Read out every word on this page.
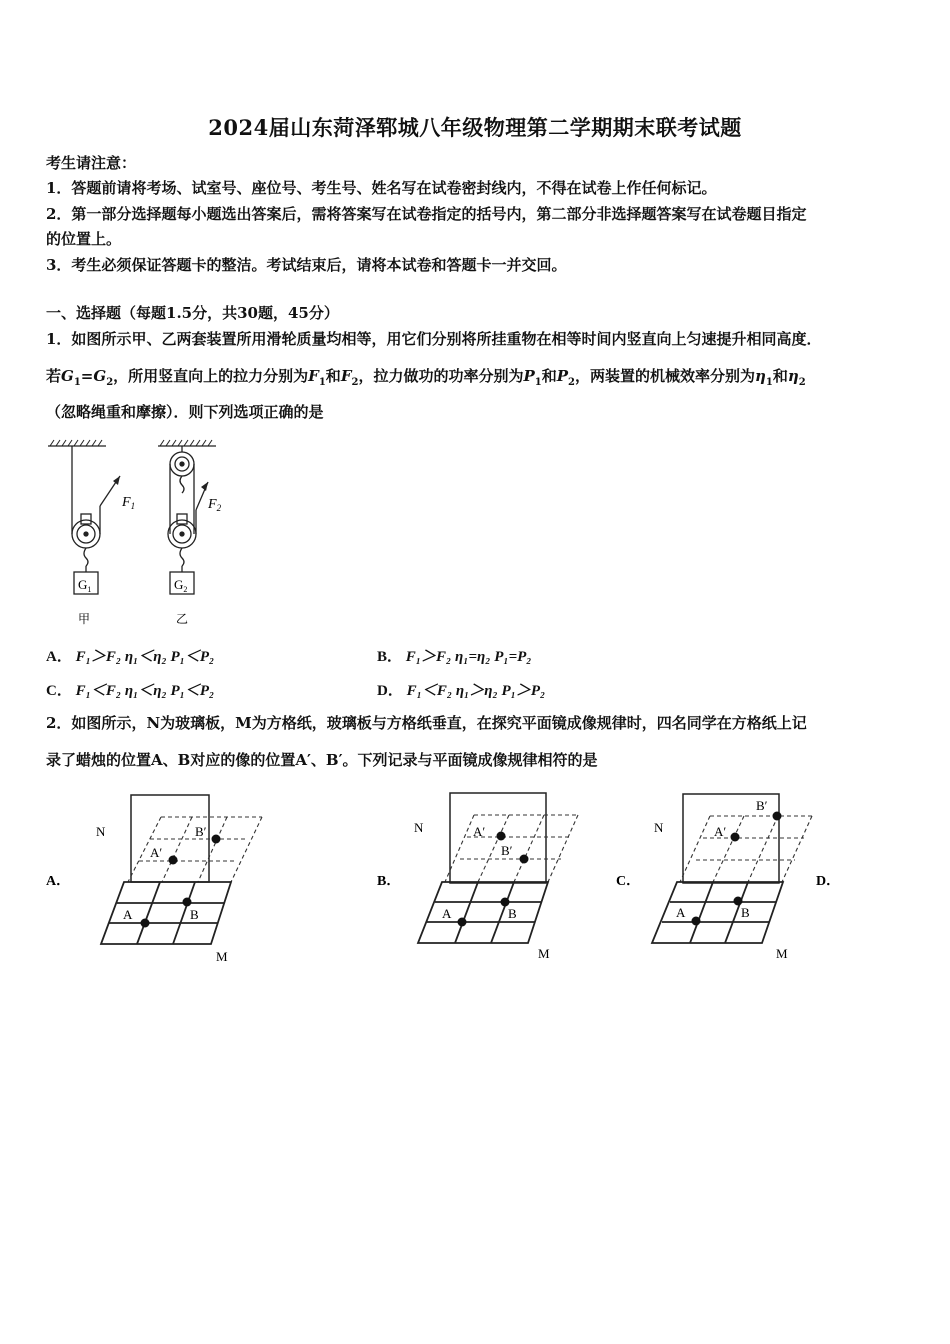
2024届山东菏泽郓城八年级物理第二学期期末联考试题
考生请注意：
1．答题前请将考场、试室号、座位号、考生号、姓名写在试卷密封线内，不得在试卷上作任何标记。
2．第一部分选择题每小题选出答案后，需将答案写在试卷指定的括号内，第二部分非选择题答案写在试卷题目指定
的位置上。
3．考生必须保证答题卡的整洁。考试结束后，请将本试卷和答题卡一并交回。
一、选择题（每题1.5分，共30题，45分）
1．如图所示甲、乙两套装置所用滑轮质量均相等，用它们分别将所挂重物在相等时间内竖直向上匀速提升相同高度．
若$G_1=G_2$，所用竖直向上的拉力分别为$F_1$和$F_2$，拉力做功的功率分别为$P_1$和$P_2$，两装置的机械效率分别为$\eta_1$和$\eta_2$
（忽略绳重和摩擦）．则下列选项正确的是
$F_1$
$G_1$
甲
$F_2$
$G_2$
乙
A． F₁＞F₂ η₁＜η₂ P₁＜P₂	B． F₁＞F₂ η₁=η₂ P₁=P₂
C． F₁＜F₂ η₁＜η₂ P₁＜P₂	D． F₁＜F₂ η₁＞η₂ P₁＞P₂
2．如图所示，N为玻璃板，M为方格纸，玻璃板与方格纸垂直，在探究平面镜成像规律时，四名同学在方格纸上记
录了蜡烛的位置A、B对应的像的位置A′、B′。下列记录与平面镜成像规律相符的是
A．
N
A	B
A′
B′
M
B．
N
A	B
A′
B′
M
C．
N
A	B
A′
B′
M
D．
